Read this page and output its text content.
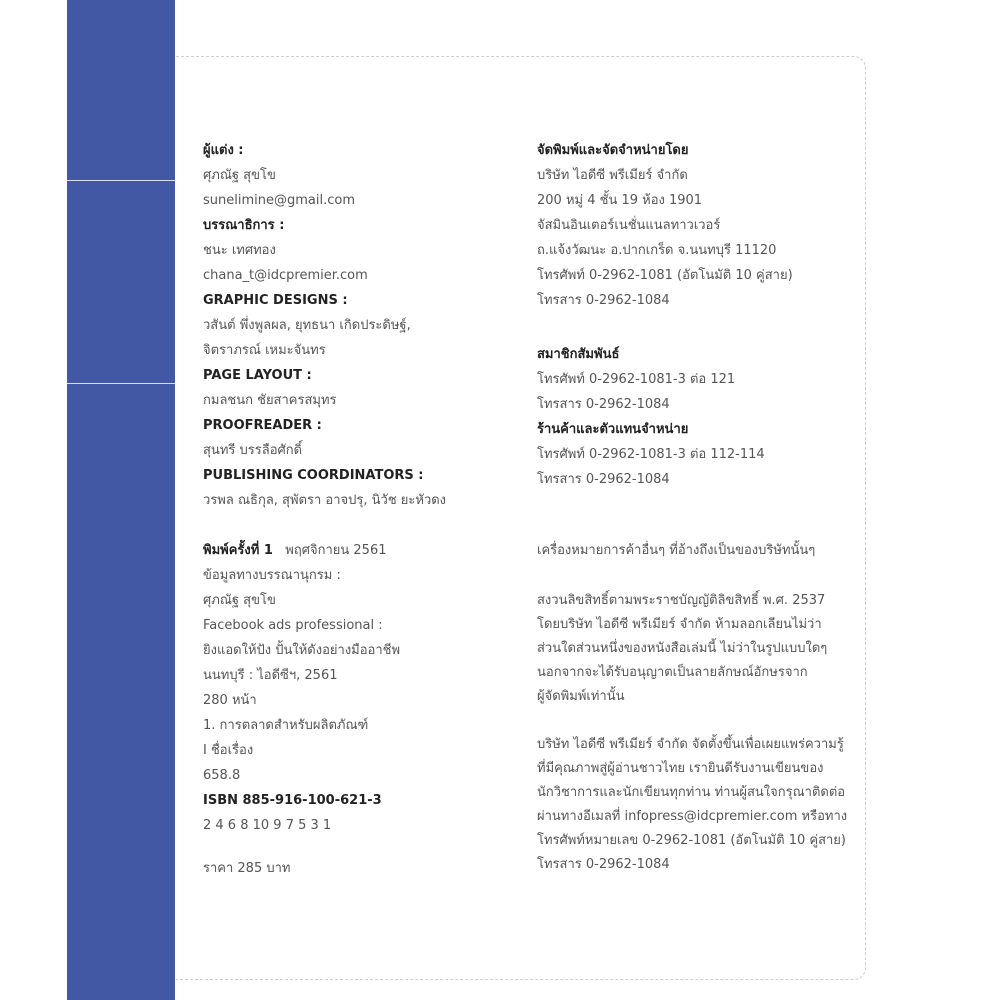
ผู้แต่ง :
ศุภณัฐ สุขโข
sunelimine@gmail.com
บรรณาธิการ :
ชนะ เทศทอง
chana_t@idcpremier.com
GRAPHIC DESIGNS :
วสันต์ พึ่งพูลผล, ยุทธนา เกิดประดิษฐ์,
จิตราภรณ์ เหมะจันทร
PAGE LAYOUT :
กมลชนก ชัยสาครสมุทร
PROOFREADER :
สุนทรี บรรลือศักดิ์
PUBLISHING COORDINATORS :
วรพล ณธิกุล, สุพัตรา อาจปรุ, นิวัช ยะหัวดง
พิมพ์ครั้งที่ 1 พฤศจิกายน 2561
ข้อมูลทางบรรณานุกรม :
ศุภณัฐ สุขโข
Facebook ads professional :
ยิงแอดให้ปัง ปั้นให้ดังอย่างมืออาชีพ
นนทบุรี : ไอดีซีฯ, 2561
280 หน้า
1. การตลาดสำหรับผลิตภัณฑ์
I ชื่อเรื่อง
658.8
ISBN 885-916-100-621-3
2 4 6 8 10 9 7 5 3 1
ราคา 285 บาท
จัดพิมพ์และจัดจำหน่ายโดย
บริษัท ไอดีซี พรีเมียร์ จำกัด
200 หมู่ 4 ชั้น 19 ห้อง 1901
จัสมินอินเตอร์เนชั่นแนลทาวเวอร์
ถ.แจ้งวัฒนะ อ.ปากเกร็ด จ.นนทบุรี 11120
โทรศัพท์ 0-2962-1081 (อัตโนมัติ 10 คู่สาย)
โทรสาร 0-2962-1084
สมาชิกสัมพันธ์
โทรศัพท์ 0-2962-1081-3 ต่อ 121
โทรสาร 0-2962-1084
ร้านค้าและตัวแทนจำหน่าย
โทรศัพท์ 0-2962-1081-3 ต่อ 112-114
โทรสาร 0-2962-1084
เครื่องหมายการค้าอื่นๆ ที่อ้างถึงเป็นของบริษัทนั้นๆ
สงวนลิขสิทธิ์ตามพระราชบัญญัติลิขสิทธิ์ พ.ศ. 2537
โดยบริษัท ไอดีซี พรีเมียร์ จำกัด ห้ามลอกเลียนไม่ว่า
ส่วนใดส่วนหนึ่งของหนังสือเล่มนี้ ไม่ว่าในรูปแบบใดๆ
นอกจากจะได้รับอนุญาตเป็นลายลักษณ์อักษรจาก
ผู้จัดพิมพ์เท่านั้น
บริษัท ไอดีซี พรีเมียร์ จำกัด จัดตั้งขึ้นเพื่อเผยแพร่ความรู้
ที่มีคุณภาพสู่ผู้อ่านชาวไทย เรายินดีรับงานเขียนของ
นักวิชาการและนักเขียนทุกท่าน ท่านผู้สนใจกรุณาติดต่อ
ผ่านทางอีเมลที่ infopress@idcpremier.com หรือทาง
โทรศัพท์หมายเลข 0-2962-1081 (อัตโนมัติ 10 คู่สาย)
โทรสาร 0-2962-1084
